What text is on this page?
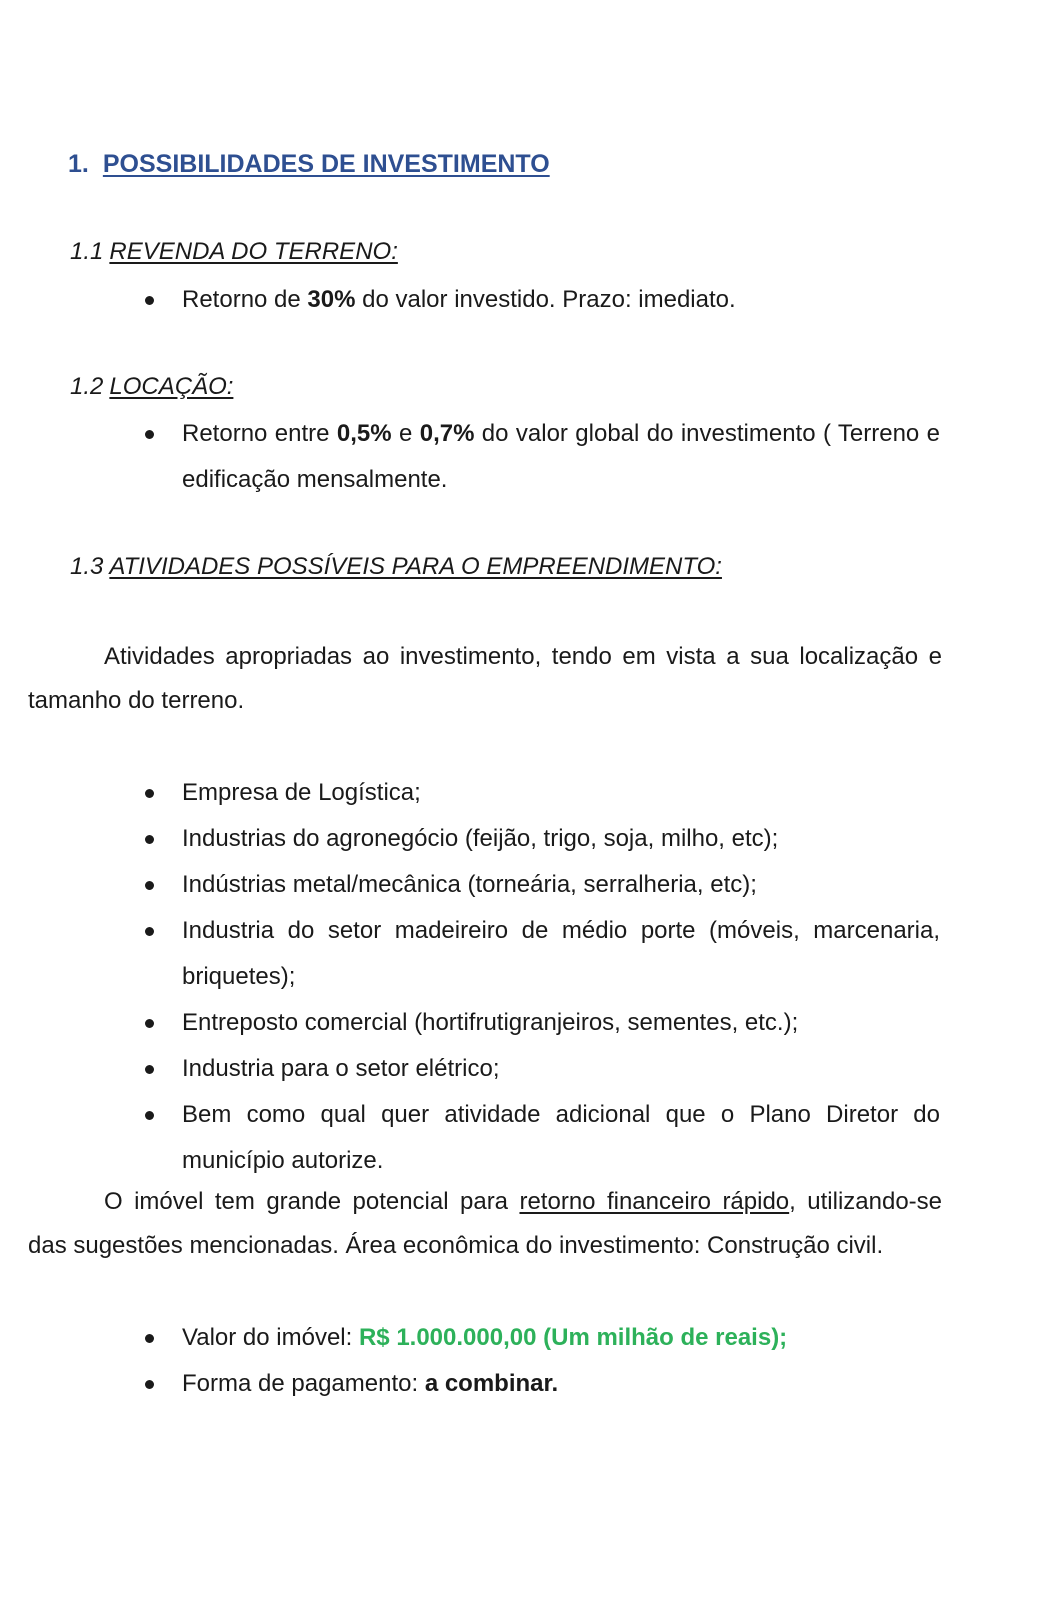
1. POSSIBILIDADES DE INVESTIMENTO
1.1 REVENDA DO TERRENO:
Retorno de 30% do valor investido. Prazo: imediato.
1.2 LOCAÇÃO:
Retorno entre 0,5% e 0,7% do valor global do investimento ( Terreno e edificação mensalmente.
1.3 ATIVIDADES POSSÍVEIS PARA O EMPREENDIMENTO:

Atividades apropriadas ao investimento, tendo em vista a sua localização e tamanho do terreno.

Empresa de Logística;
Industrias do agronegócio (feijão, trigo, soja, milho, etc);
Indústrias metal/mecânica (torneária, serralheria, etc);
Industria do setor madeireiro de médio porte (móveis, marcenaria, briquetes);
Entreposto comercial (hortifrutigranjeiros, sementes, etc.);
Industria para o setor elétrico;
Bem como qual quer atividade adicional que o Plano Diretor do município autorize.

O imóvel tem grande potencial para retorno financeiro rápido, utilizando-se das sugestões mencionadas. Área econômica do investimento: Construção civil.

Valor do imóvel: R$ 1.000.000,00 (Um milhão de reais);
Forma de pagamento: a combinar.
